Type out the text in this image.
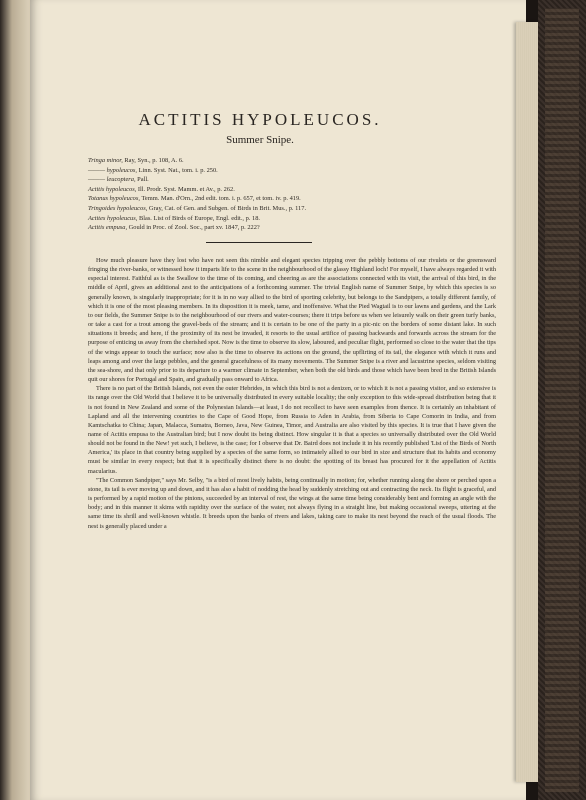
ACTITIS HYPOLEUCOS.
Summer Snipe.
Tringa minor, Ray, Syn., p. 108, A. 6.
——— hypoleucos, Linn. Syst. Nat., tom. i. p. 250.
——— leucoptera, Pall.
Actitis hypoleucos, Ill. Prodr. Syst. Mamm. et Av., p. 262.
Totanus hypoleucos, Temm. Man. d'Orn., 2nd edit. tom. i. p. 657, et tom. iv. p. 419.
Tringoides hypoleucos, Gray, Cat. of Gen. and Subgen. of Birds in Brit. Mus., p. 117.
Actites hypoleucus, Blas. List of Birds of Europe, Engl. edit., p. 18.
Actitis empusa, Gould in Proc. of Zool. Soc., part xv. 1847, p. 222?

How much pleasure have they lost who have not seen this nimble and elegant species tripping over the pebbly bottoms of our rivulets or the greensward fringing the river-banks, or witnessed how it imparts life to the scene in the neighbourhood of the glassy Highland loch! For myself, I have always regarded it with especial interest. Faithful as is the Swallow to the time of its coming, and cheering as are the associations connected with its visit, the arrival of this bird, in the middle of April, gives an additional zest to the anticipations of a forthcoming summer. The trivial English name of Summer Snipe, by which this species is so generally known, is singularly inappropriate; for it is in no way allied to the bird of sporting celebrity, but belongs to the Sandpipers, a totally different family, of which it is one of the most pleasing members. In its disposition it is meek, tame, and inoffensive. What the Pied Wagtail is to our lawns and gardens, and the Lark to our fields, the Summer Snipe is to the neighbourhood of our rivers and water-courses; there it trips before us when we leisurely walk on their green turfy banks, or take a cast for a trout among the gravel-beds of the stream; and it is certain to be one of the party in a pic-nic on the borders of some distant lake. In such situations it breeds; and here, if the proximity of its nest be invaded, it resorts to the usual artifice of passing backwards and forwards across the stream for the purpose of enticing us away from the cherished spot. Now is the time to observe its slow, laboured, and peculiar flight, performed so close to the water that the tips of the wings appear to touch the surface; now also is the time to observe its actions on the ground, the upflirting of its tail, the elegance with which it runs and leaps among and over the large pebbles, and the general gracefulness of its many movements. The Summer Snipe is a river and lacustrine species, seldom visiting the sea-shore, and that only prior to its departure to a warmer climate in September, when both the old birds and those which have been bred in the British Islands quit our shores for Portugal and Spain, and gradually pass onward to Africa.

There is no part of the British Islands, not even the outer Hebrides, in which this bird is not a denizen, or to which it is not a passing visitor, and so extensive is its range over the Old World that I believe it to be universally distributed in every suitable locality; the only exception to this wide-spread distribution being that it is not found in New Zealand and some of the Polynesian Islands—at least, I do not recollect to have seen examples from thence. It is certainly an inhabitant of Lapland and all the intervening countries to the Cape of Good Hope, from Russia to Aden in Arabia, from Siberia to Cape Comorin in India, and from Kamtschatka to China; Japan, Malacca, Sumatra, Borneo, Java, New Guinea, Timor, and Australia are also visited by this species. It is true that I have given the name of Actitis empusa to the Australian bird; but I now doubt its being distinct. How singular it is that a species so universally distributed over the Old World should not be found in the New! yet such, I believe, is the case; for I observe that Dr. Baird does not include it in his recently published 'List of the Birds of North America,' its place in that country being supplied by a species of the same form, so intimately allied to our bird in size and structure that its habits and economy must be similar in every respect; but that it is specifically distinct there is no doubt: the spotting of its breast has procured for it the appellation of Actitis macularius.

"The Common Sandpiper," says Mr. Selby, "is a bird of most lively habits, being continually in motion; for, whether running along the shore or perched upon a stone, its tail is ever moving up and down, and it has also a habit of nodding the head by suddenly stretching out and contracting the neck. Its flight is graceful, and is performed by a rapid motion of the pinions, succeeded by an interval of rest, the wings at the same time being considerably bent and forming an angle with the body; and in this manner it skims with rapidity over the surface of the water, not always flying in a straight line, but making occasional sweeps, uttering at the same time its shrill and well-known whistle. It breeds upon the banks of rivers and lakes, taking care to make its nest beyond the reach of the usual floods. The nest is generally placed under a
